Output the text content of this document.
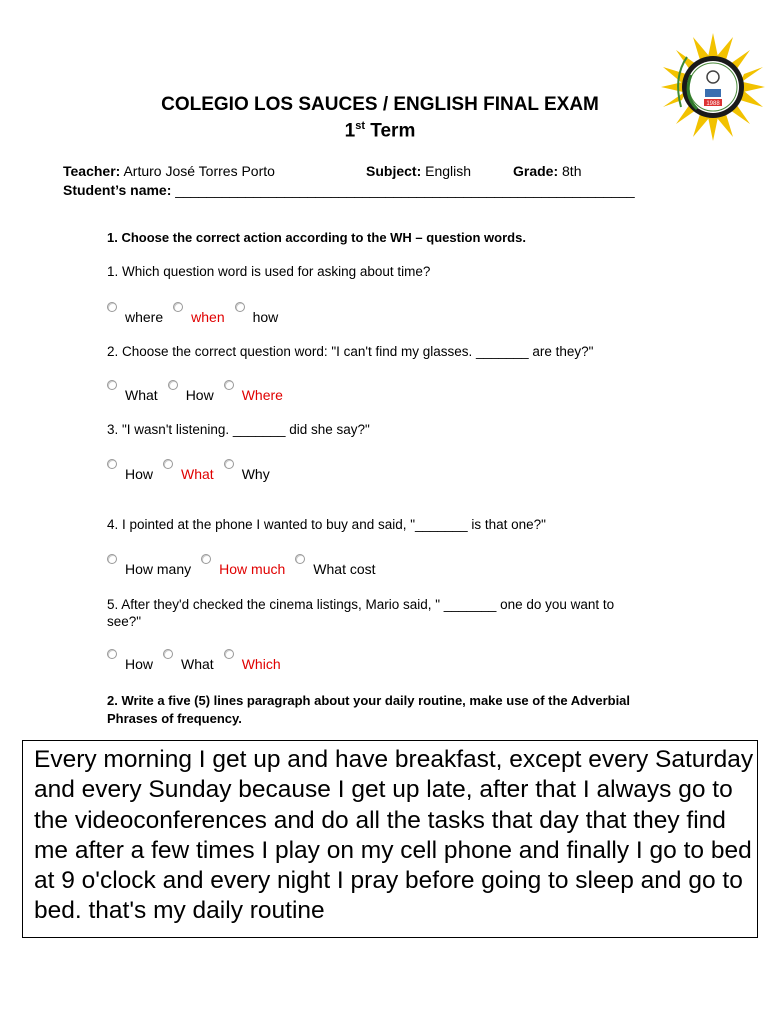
COLEGIO LOS SAUCES / ENGLISH FINAL EXAM
1st Term
1988
Teacher: Arturo José Torres Porto	Subject: English	Grade: 8th
Student’s name: ___________________________________________________________
1. Choose the correct action according to the WH – question words.
1. Which question word is used for asking about time?
where when how
2. Choose the correct question word: "I can't find my glasses. _______ are they?"
What How Where
3. "I wasn't listening. _______ did she say?"
How What Why
4. I pointed at the phone I wanted to buy and said, "_______ is that one?"
How many How much What cost
5. After they'd checked the cinema listings, Mario said, " _______ one do you want to see?"
How What Which
2. Write a five (5) lines paragraph about your daily routine, make use of the Adverbial Phrases of frequency.
Every morning I get up and have breakfast, except every Saturday and every Sunday because I get up late, after that I always go to the videoconferences and do all the tasks that day that they find me after a few times I play on my cell phone and finally I go to bed at 9 o'clock and every night I pray before going to sleep and go to bed. that's my daily routine
